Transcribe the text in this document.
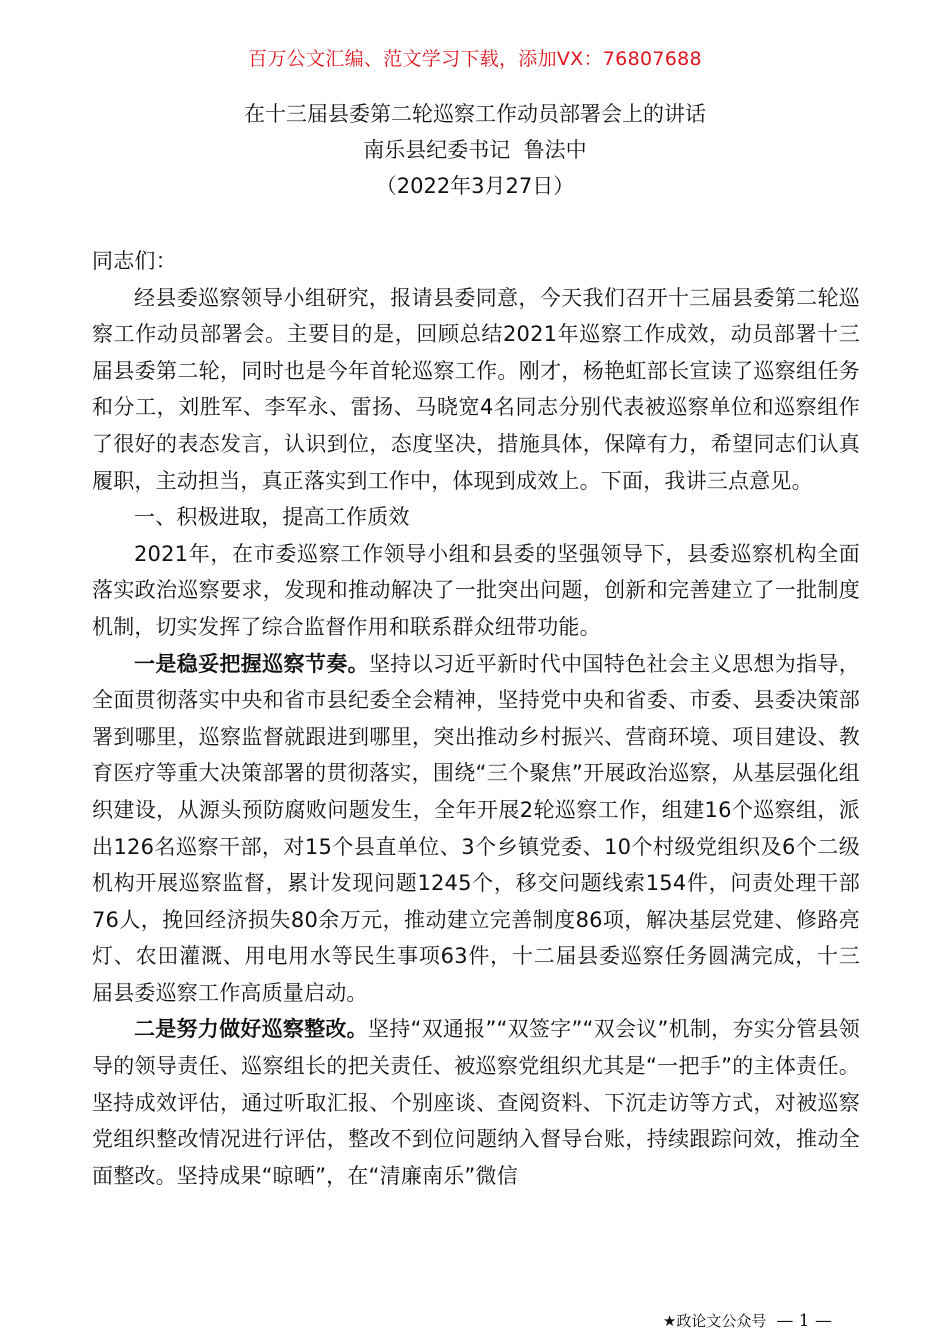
百万公文汇编、范文学习下载，添加VX：76807688
在十三届县委第二轮巡察工作动员部署会上的讲话
南乐县纪委书记  鲁法中
（2022年3月27日）

同志们：

经县委巡察领导小组研究，报请县委同意，今天我们召开十三届县委第二轮巡察工作动员部署会。主要目的是，回顾总结2021年巡察工作成效，动员部署十三届县委第二轮，同时也是今年首轮巡察工作。刚才，杨艳虹部长宣读了巡察组任务和分工，刘胜军、李军永、雷扬、马晓宽4名同志分别代表被巡察单位和巡察组作了很好的表态发言，认识到位，态度坚决，措施具体，保障有力，希望同志们认真履职，主动担当，真正落实到工作中，体现到成效上。下面，我讲三点意见。

一、积极进取，提高工作质效

2021年，在市委巡察工作领导小组和县委的坚强领导下，县委巡察机构全面落实政治巡察要求，发现和推动解决了一批突出问题，创新和完善建立了一批制度机制，切实发挥了综合监督作用和联系群众纽带功能。

一是稳妥把握巡察节奏。坚持以习近平新时代中国特色社会主义思想为指导，全面贯彻落实中央和省市县纪委全会精神，坚持党中央和省委、市委、县委决策部署到哪里，巡察监督就跟进到哪里，突出推动乡村振兴、营商环境、项目建设、教育医疗等重大决策部署的贯彻落实，围绕“三个聚焦”开展政治巡察，从基层强化组织建设，从源头预防腐败问题发生，全年开展2轮巡察工作，组建16个巡察组，派出126名巡察干部，对15个县直单位、3个乡镇党委、10个村级党组织及6个二级机构开展巡察监督，累计发现问题1245个，移交问题线索154件，问责处理干部76人，挽回经济损失80余万元，推动建立完善制度86项，解决基层党建、修路亮灯、农田灌溉、用电用水等民生事项63件，十二届县委巡察任务圆满完成，十三届县委巡察工作高质量启动。

二是努力做好巡察整改。坚持“双通报”“双签字”“双会议”机制，夯实分管县领导的领导责任、巡察组长的把关责任、被巡察党组织尤其是“一把手”的主体责任。坚持成效评估，通过听取汇报、个别座谈、查阅资料、下沉走访等方式，对被巡察党组织整改情况进行评估，整改不到位问题纳入督导台账，持续跟踪问效，推动全面整改。坚持成果“晾晒”，在“清廉南乐”微信

★政论文公众号 — 1 —
